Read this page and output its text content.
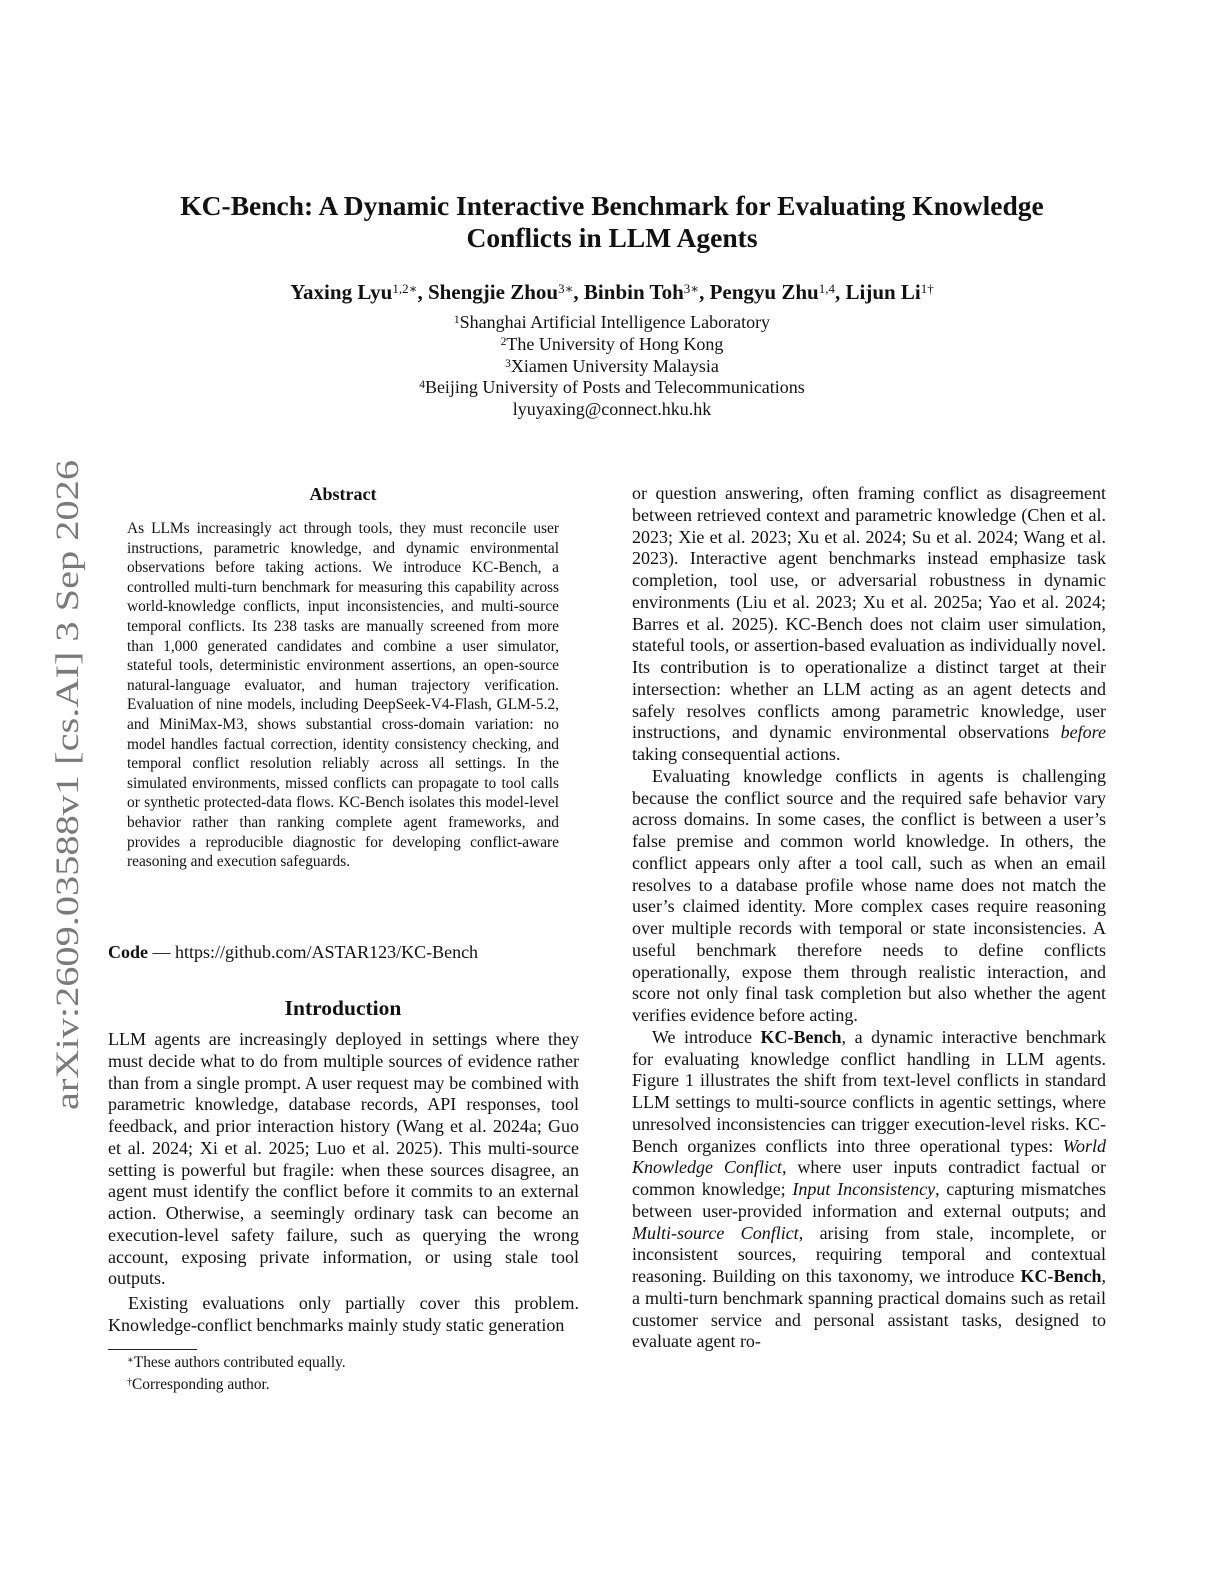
arXiv:2609.03588v1 [cs.AI] 3 Sep 2026
KC-Bench: A Dynamic Interactive Benchmark for Evaluating Knowledge
Conflicts in LLM Agents
Yaxing Lyu$^{1,2∗}$, Shengjie Zhou$^{3∗}$, Binbin Toh$^{3∗}$, Pengyu Zhu$^{1,4}$, Lijun $Li^{1\dagger}$
$^1$Shanghai Artificial Intelligence Laboratory
$^2$The University of Hong Kong
$^3$Xiamen University Malaysia
$^4$Beijing University of Posts and Telecommunications
lyuyaxing@connect.hku.hk
Abstract
As LLMs increasingly act through tools, they must reconcile user instructions, parametric knowledge, and dynamic environmental observations before taking actions. We introduce KC-Bench, a controlled multi-turn benchmark for measuring this capability across world-knowledge conflicts, input inconsistencies, and multi-source temporal conflicts. Its 238 tasks are manually screened from more than 1,000 generated candidates and combine a user simulator, stateful tools, deterministic environment assertions, an open-source natural-language evaluator, and human trajectory verification. Evaluation of nine models, including DeepSeek-V4-Flash, GLM-5.2, and MiniMax-M3, shows substantial cross-domain variation: no model handles factual correction, identity consistency checking, and temporal conflict resolution reliably across all settings. In the simulated environments, missed conflicts can propagate to tool calls or synthetic protected-data flows. KC-Bench isolates this model-level behavior rather than ranking complete agent frameworks, and provides a reproducible diagnostic for developing conflict-aware reasoning and execution safeguards.
Code — https://github.com/ASTAR123/KC-Bench
Introduction

LLM agents are increasingly deployed in settings where they must decide what to do from multiple sources of evidence rather than from a single prompt. A user request may be combined with parametric knowledge, database records, API responses, tool feedback, and prior interaction history (Wang et al. 2024a; Guo et al. 2024; Xi et al. 2025; Luo et al. 2025). This multi-source setting is powerful but fragile: when these sources disagree, an agent must identify the conflict before it commits to an external action. Otherwise, a seemingly ordinary task can become an execution-level safety failure, such as querying the wrong account, exposing private information, or using stale tool outputs.

Existing evaluations only partially cover this problem. Knowledge-conflict benchmarks mainly study static generation

or question answering, often framing conflict as disagreement between retrieved context and parametric knowledge (Chen et al. 2023; Xie et al. 2023; Xu et al. 2024; Su et al. 2024; Wang et al. 2023). Interactive agent benchmarks instead emphasize task completion, tool use, or adversarial robustness in dynamic environments (Liu et al. 2023; Xu et al. 2025a; Yao et al. 2024; Barres et al. 2025). KC-Bench does not claim user simulation, stateful tools, or assertion-based evaluation as individually novel. Its contribution is to operationalize a distinct target at their intersection: whether an LLM acting as an agent detects and safely resolves conflicts among parametric knowledge, user instructions, and dynamic environmental observations before taking consequential actions.

Evaluating knowledge conflicts in agents is challenging because the conflict source and the required safe behavior vary across domains. In some cases, the conflict is between a user’s false premise and common world knowledge. In others, the conflict appears only after a tool call, such as when an email resolves to a database profile whose name does not match the user’s claimed identity. More complex cases require reasoning over multiple records with temporal or state inconsistencies. A useful benchmark therefore needs to define conflicts operationally, expose them through realistic interaction, and score not only final task completion but also whether the agent verifies evidence before acting.

We introduce KC-Bench, a dynamic interactive benchmark for evaluating knowledge conflict handling in LLM agents. Figure 1 illustrates the shift from text-level conflicts in standard LLM settings to multi-source conflicts in agentic settings, where unresolved inconsistencies can trigger execution-level risks. KC-Bench organizes conflicts into three operational types: World Knowledge Conflict, where user inputs contradict factual or common knowledge; Input Inconsistency, capturing mismatches between user-provided information and external outputs; and Multi-source Conflict, arising from stale, incomplete, or inconsistent sources, requiring temporal and contextual reasoning. Building on this taxonomy, we introduce KC-Bench, a multi-turn benchmark spanning practical domains such as retail customer service and personal assistant tasks, designed to evaluate agent ro-

∗These authors contributed equally.
†Corresponding author.
